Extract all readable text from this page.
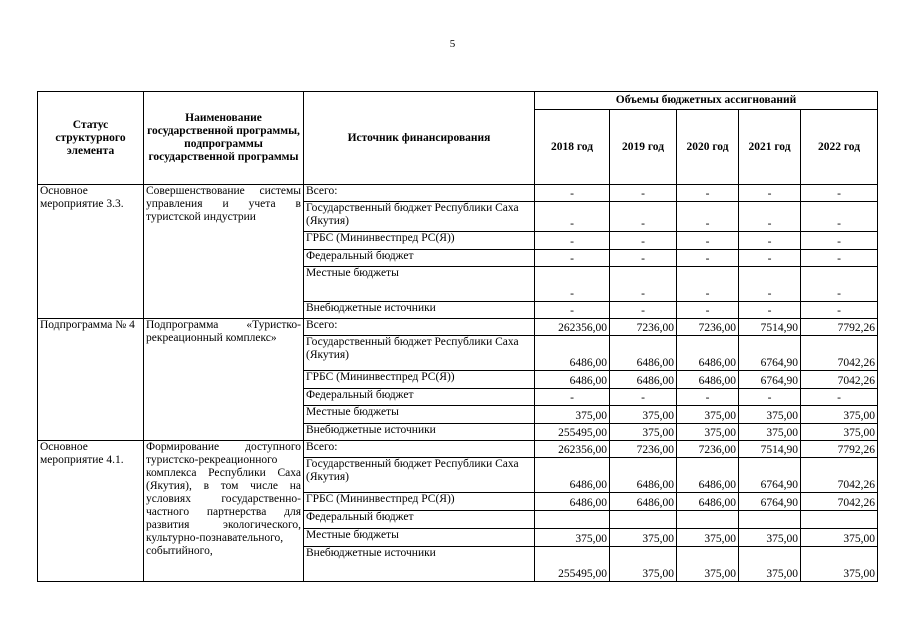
5
Статус структурного элемента	Наименование государственной программы, подпрограммы государственной программы	Источник финансирования	Объемы бюджетных ассигнований				
			2018 год	2019 год	2020 год	2021 год	2022 год
Основное мероприятие 3.3.	Совершенствование системы управления и учета в туристской индустрии	Всего:	-	-	-	-	-
		Государственный бюджет Республики Саха (Якутия)	-	-	-	-	-
		ГРБС (Мининвестпред РС(Я))	-	-	-	-	-
		Федеральный бюджет	-	-	-	-	-
		Местные бюджеты	-	-	-	-	-
		Внебюджетные источники	-	-	-	-	-
Подпрограмма № 4	Подпрограмма «Туристко-рекреационный комплекс»	Всего:	262356,00	7236,00	7236,00	7514,90	7792,26
		Государственный бюджет Республики Саха (Якутия)	6486,00	6486,00	6486,00	6764,90	7042,26
		ГРБС (Мининвестпред РС(Я))	6486,00	6486,00	6486,00	6764,90	7042,26
		Федеральный бюджет	-	-	-	-	-
		Местные бюджеты	375,00	375,00	375,00	375,00	375,00
		Внебюджетные источники	255495,00	375,00	375,00	375,00	375,00
Основное мероприятие 4.1.	Формирование доступного туристско-рекреационного комплекса Республики Саха (Якутия), в том числе на условиях государственно-частного партнерства для развития экологического, культурно-познавательного, событийного,	Всего:	262356,00	7236,00	7236,00	7514,90	7792,26
		Государственный бюджет Республики Саха (Якутия)	6486,00	6486,00	6486,00	6764,90	7042,26
		ГРБС (Мининвестпред РС(Я))	6486,00	6486,00	6486,00	6764,90	7042,26
		Федеральный бюджет					
		Местные бюджеты	375,00	375,00	375,00	375,00	375,00
		Внебюджетные источники	255495,00	375,00	375,00	375,00	375,00
